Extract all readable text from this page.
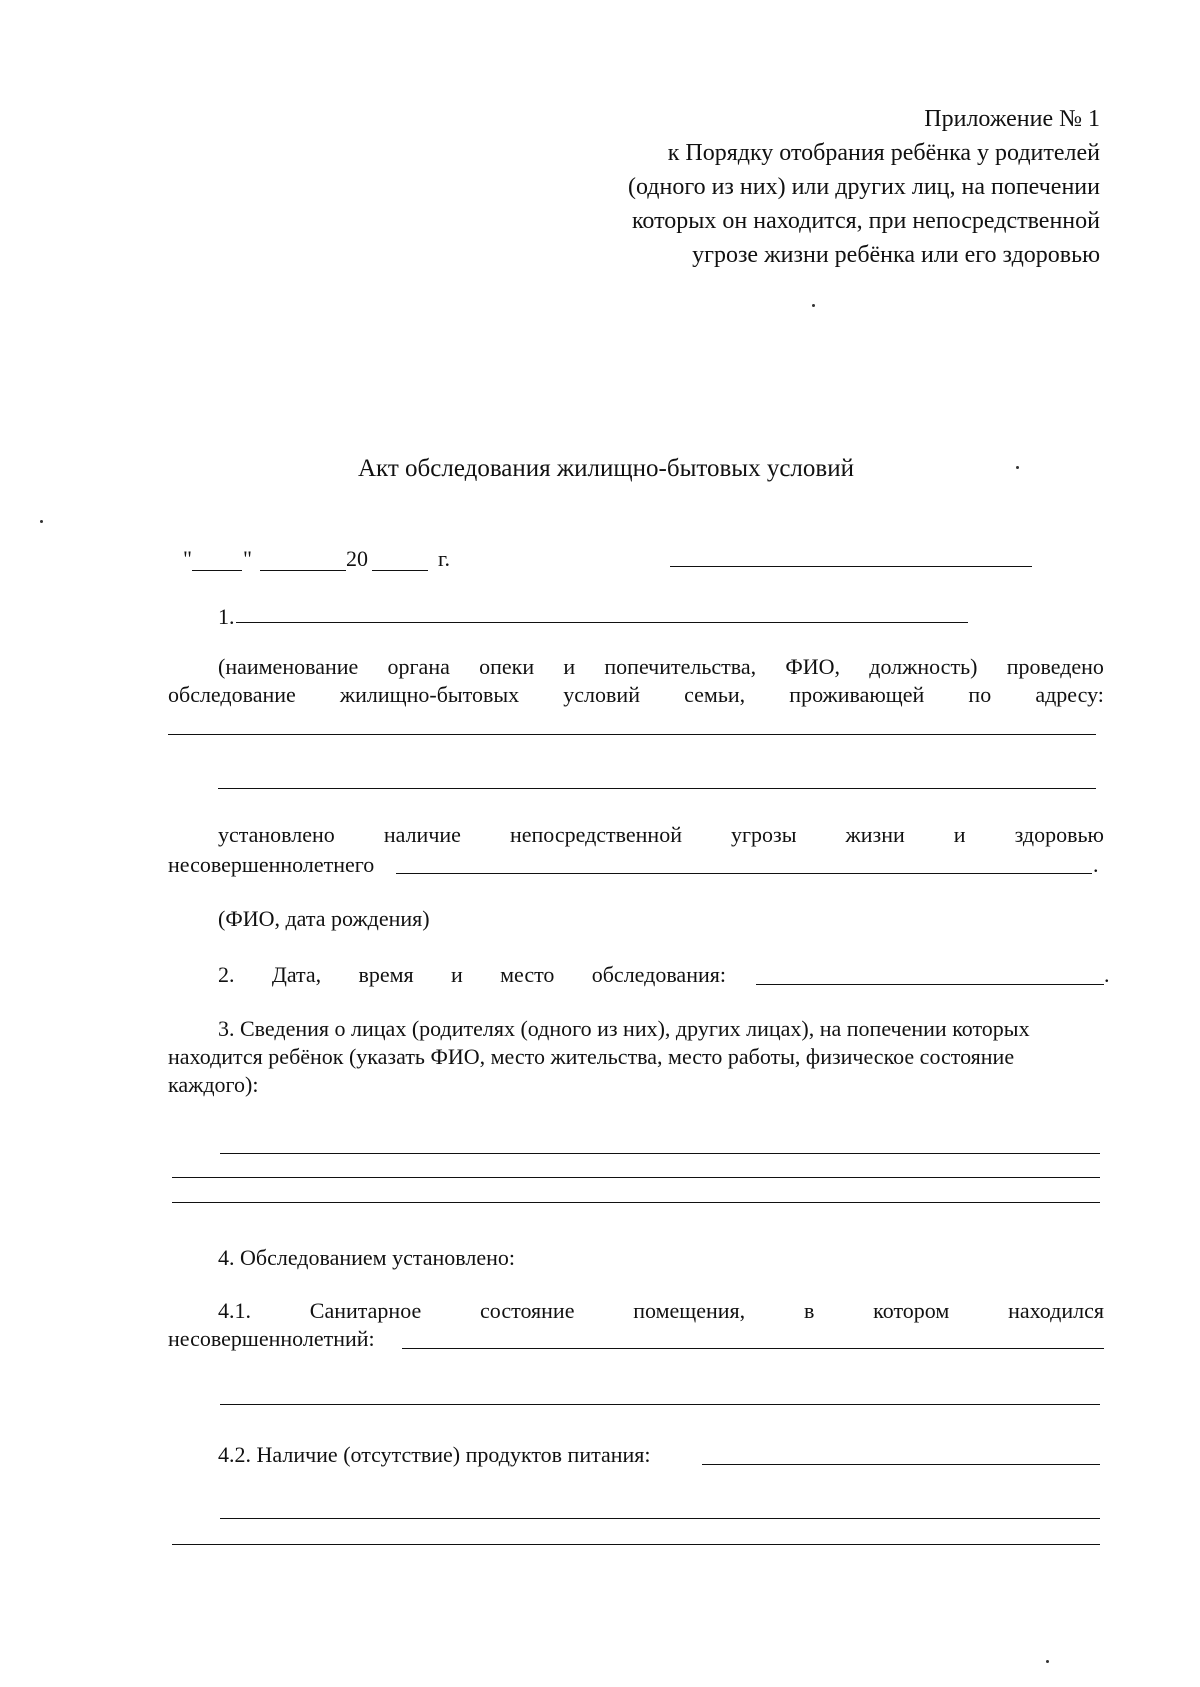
Приложение № 1
к Порядку отобрания ребёнка у родителей
(одного из них) или других лиц, на попечении
которых он находится, при непосредственной
угрозе жизни ребёнка или его здоровью
Акт обследования жилищно-бытовых условий
" "	20	г.
1.
(наименование органа опеки и попечительства, ФИО, должность) проведено
обследование жилищно-бытовых условий семьи, проживающей по адресу:
установлено наличие непосредственной угрозы жизни и здоровью
несовершеннолетнего	.
(ФИО, дата рождения)
2. Дата, время и место обследования:	.
3. Сведения о лицах (родителях (одного из них), других лицах), на попечении которых
находится ребёнок (указать ФИО, место жительства, место работы, физическое состояние
каждого):
4. Обследованием установлено:
4.1.	Санитарное	состояние	помещения,	в	котором	находился
несовершеннолетний:
4.2. Наличие (отсутствие) продуктов питания:
